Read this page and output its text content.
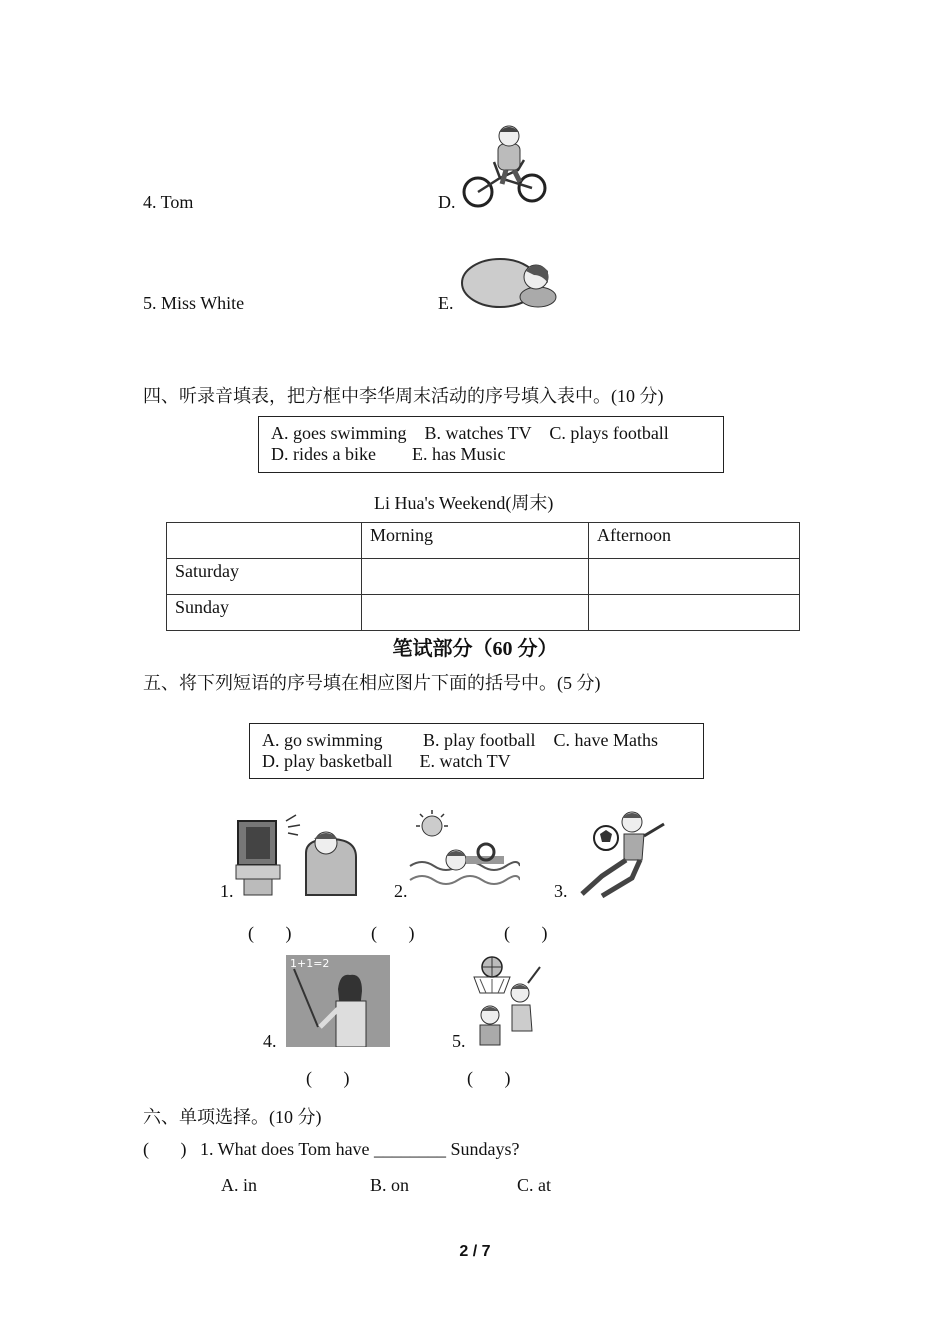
4. Tom	D.
5. Miss White	E.
四、听录音填表，把方框中李华周末活动的序号填入表中。(10 分)
A. goes swimming    B. watches TV    C. plays football
D. rides a bike        E. has Music
Li Hua's Weekend(周末)
	Morning	Afternoon
Saturday		
Sunday		
笔试部分（60 分）
五、将下列短语的序号填在相应图片下面的括号中。(5 分)
A. go swimming         B. play football    C. have Maths
D. play basketball      E. watch TV
1.	2.	3.
(       )	(       )	(       )
4.
1+1=2
5.
(       )	(       )
六、单项选择。(10 分)
(       ) 1. What does Tom have ________ Sundays?
A. in	B. on	C. at
2 / 7
